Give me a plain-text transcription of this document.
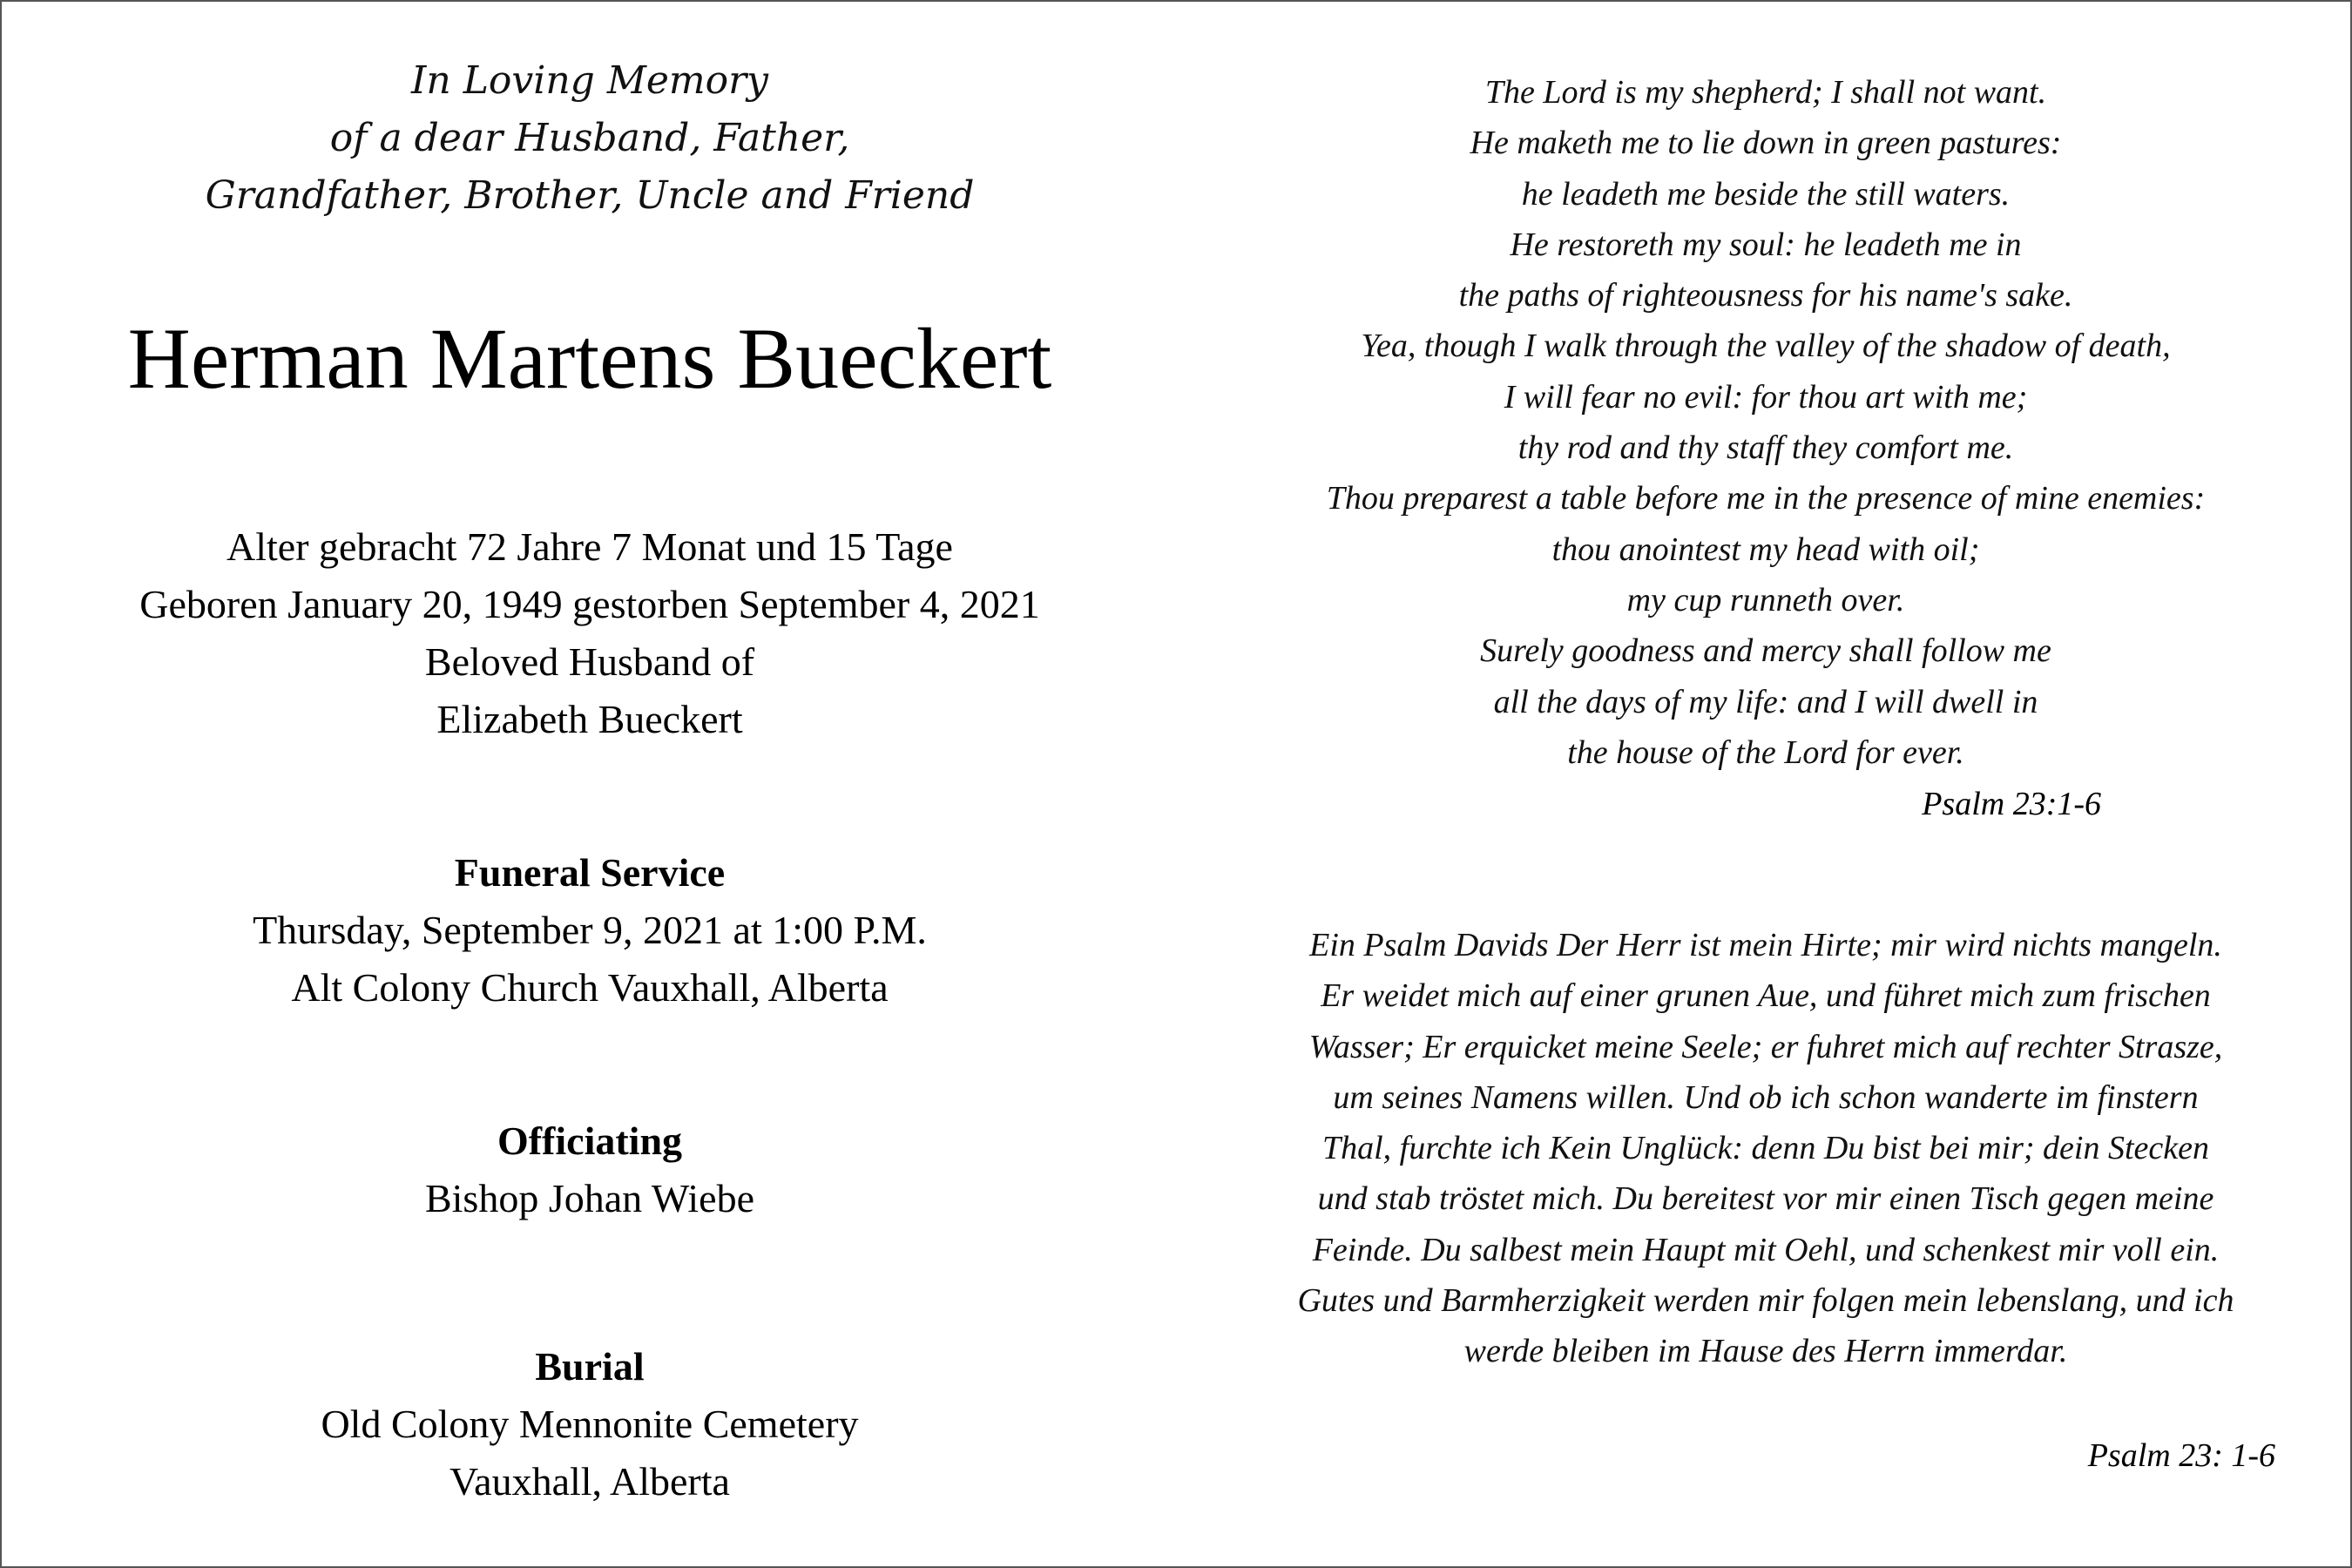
In Loving Memory
of a dear Husband, Father,
Grandfather, Brother, Uncle and Friend
Herman Martens Bueckert
Alter gebracht 72 Jahre 7 Monat und 15 Tage
Geboren January 20, 1949 gestorben September 4, 2021
Beloved Husband of
Elizabeth Bueckert
Funeral Service
Thursday, September 9, 2021 at 1:00 P.M.
Alt Colony Church Vauxhall, Alberta
Officiating
Bishop Johan Wiebe
Burial
Old Colony Mennonite Cemetery
Vauxhall, Alberta
The Lord is my shepherd; I shall not want.
He maketh me to lie down in green pastures:
he leadeth me beside the still waters.
He restoreth my soul: he leadeth me in
the paths of righteousness for his name's sake.
Yea, though I walk through the valley of the shadow of death,
I will fear no evil: for thou art with me;
thy rod and thy staff they comfort me.
Thou preparest a table before me in the presence of mine enemies:
thou anointest my head with oil;
my cup runneth over.
Surely goodness and mercy shall follow me
all the days of my life: and I will dwell in
the house of the Lord for ever.
Psalm 23:1-6
Ein Psalm Davids Der Herr ist mein Hirte; mir wird nichts mangeln.
Er weidet mich auf einer grunen Aue, und führet mich zum frischen
Wasser; Er erquicket meine Seele; er fuhret mich auf rechter Strasze,
um seines Namens willen. Und ob ich schon wanderte im finstern
Thal, furchte ich Kein Unglück: denn Du bist bei mir; dein Stecken
und stab tröstet mich. Du bereitest vor mir einen Tisch gegen meine
Feinde. Du salbest mein Haupt mit Oehl, und schenkest mir voll ein.
Gutes und Barmherzigkeit werden mir folgen mein lebenslang, und ich
werde bleiben im Hause des Herrn immerdar.
Psalm 23: 1-6
